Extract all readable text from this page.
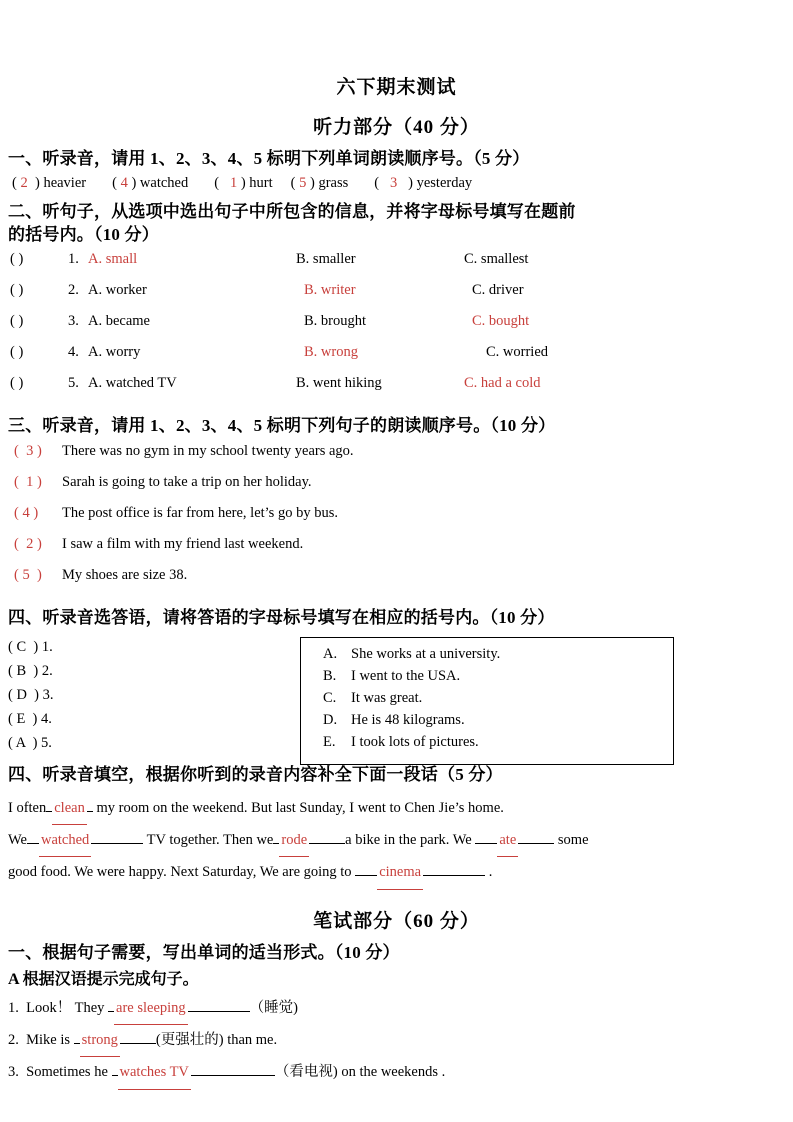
六下期末测试
听力部分（40 分）
一、听录音，请用 1、2、3、4、5 标明下列单词朗读顺序号。（5 分）
( 2  ) heavier ( 4 ) watched (   1 ) hurt ( 5 ) grass (   3   ) yesterday
二、听句子，从选项中选出句子中所包含的信息，并将字母标号填写在题前
的括号内。（10 分）
( )	1. A. small	B. smaller	C. smallest
( )	2. A. worker	B. writer	C. driver
( )	3. A. became	B. brought	C. bought
( )	4. A. worry	B. wrong	C. worried
( )	5. A. watched TV	B. went hiking	C. had a cold
三、听录音，请用 1、2、3、4、5 标明下列句子的朗读顺序号。（10 分）
(  3 )	There was no gym in my school twenty years ago.
(  1 )	Sarah is going to take a trip on her holiday.
( 4 )	The post office is far from here, let’s go by bus.
(  2 )	I saw a film with my friend last weekend.
( 5  )	My shoes are size 38.
四、听录音选答语，请将答语的字母标号填写在相应的括号内。（10 分）
( C  ) 1.
( B  ) 2.
( D  ) 3.
( E  ) 4.
( A  ) 5.
A. She works at a university.
B.	I went to the USA.
C.	It was great.
D. He is 48 kilograms.
E.	I took lots of pictures.
四、听录音填空，根据你听到的录音内容补全下面一段话（5 分）
I often clean my room on the weekend. But last Sunday, I went to Chen Jie’s home.
We watched	TV together. Then we rode	a bike in the park. We ate	some
good food. We were happy. Next Saturday, We are going to cinema	.
笔试部分（60 分）
一、根据句子需要，写出单词的适当形式。（10 分）
A 根据汉语提示完成句子。
1. Look！ They are sleeping	（睡觉)
2. Mike is strong	(更强壮的) than me.
3. Sometimes he watches TV	（看电视) on the weekends .
